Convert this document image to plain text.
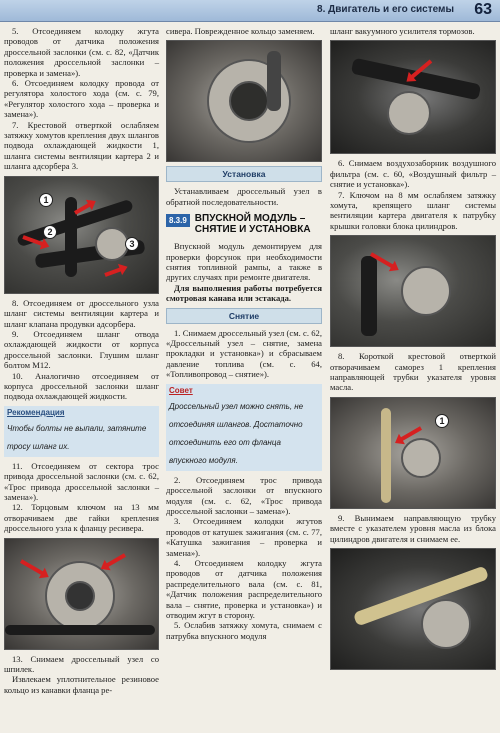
8. Двигатель и его системы 63

5. Отсоединяем колодку жгута проводов от датчика положения дроссельной заслонки (см. с. 82, «Датчик положения дроссельной заслонки – проверка и замена»).

6. Отсоединяем колодку провода от регулятора холостого хода (см. с. 79, «Регулятор холостого хода – проверка и замена»).

7. Крестовой отверткой ослабляем затяжку хомутов крепления двух шлангов подвода охлаждающей жидкости 1, шланга системы вентиляции картера 2 и шланга адсорбера 3.

1
2
3

8. Отсоединяем от дроссельного узла шланг системы вентиляции картера и шланг клапана продувки адсорбера.

9. Отсоединяем шланг отвода охлаждающей жидкости от корпуса дроссельной заслонки. Глушим шланг болтом М12.

10. Аналогично отсоединяем от корпуса дроссельной заслонки шланг подвода охлаждающей жидкости.

Рекомендация
Чтобы болты не выпали, затяните тросу шланг их.

11. Отсоединяем от сектора трос привода дроссельной заслонки (см. с. 62, «Трос привода дроссельной заслонки – замена»).

12. Торцовым ключом на 13 мм отворачиваем две гайки крепления дроссельного узла к фланцу ресивера.

13. Снимаем дроссельный узел со шпилек.

Извлекаем уплотнительное резиновое кольцо из канавки фланца ре-

сивера. Поврежденное кольцо заменяем.

Установка

Устанавливаем дроссельный узел в обратной последовательности.

8.3.9 ВПУСКНОЙ МОДУЛЬ – СНЯТИЕ И УСТАНОВКА

Впускной модуль демонтируем для проверки форсунок при необходимости снятия топливной рампы, а также в других случаях при ремонте двигателя.

Для выполнения работы потребуется смотровая канава или эстакада.

Снятие

1. Снимаем дроссельный узел (см. с. 62, «Дроссельный узел – снятие, замена прокладки и установка») и сбрасываем давление топлива (см. с. 64, «Топливопровод – снятие»).

Совет
Дроссельный узел можно снять, не отсоединяя шлангов. Достаточно отсоединить его от фланца впускного модуля.

2. Отсоединяем трос привода дроссельной заслонки от впускного модуля (см. с. 62, «Трос привода дроссельной заслонки – замена»).

3. Отсоединяем колодки жгутов проводов от катушек зажигания (см. с. 77, «Катушка зажигания – проверка и замена»).

4. Отсоединяем колодку жгута проводов от датчика положения распределительного вала (см. с. 81, «Датчик положения распределительного вала – снятие, проверка и установка») и отводим жгут в сторону.

5. Ослабив затяжку хомута, снимаем с патрубка впускного модуля

шланг вакуумного усилителя тормозов.

6. Снимаем воздухозаборник воздушного фильтра (см. с. 60, «Воздушный фильтр – снятие и установка»).

7. Ключом на 8 мм ослабляем затяжку хомута, крепящего шланг системы вентиляции картера двигателя к патрубку крышки головки блока цилиндров.

8. Короткой крестовой отверткой отворачиваем саморез 1 крепления направляющей трубки указателя уровня масла.

1

9. Вынимаем направляющую трубку вместе с указателем уровня масла из блока цилиндров двигателя и снимаем ее.
